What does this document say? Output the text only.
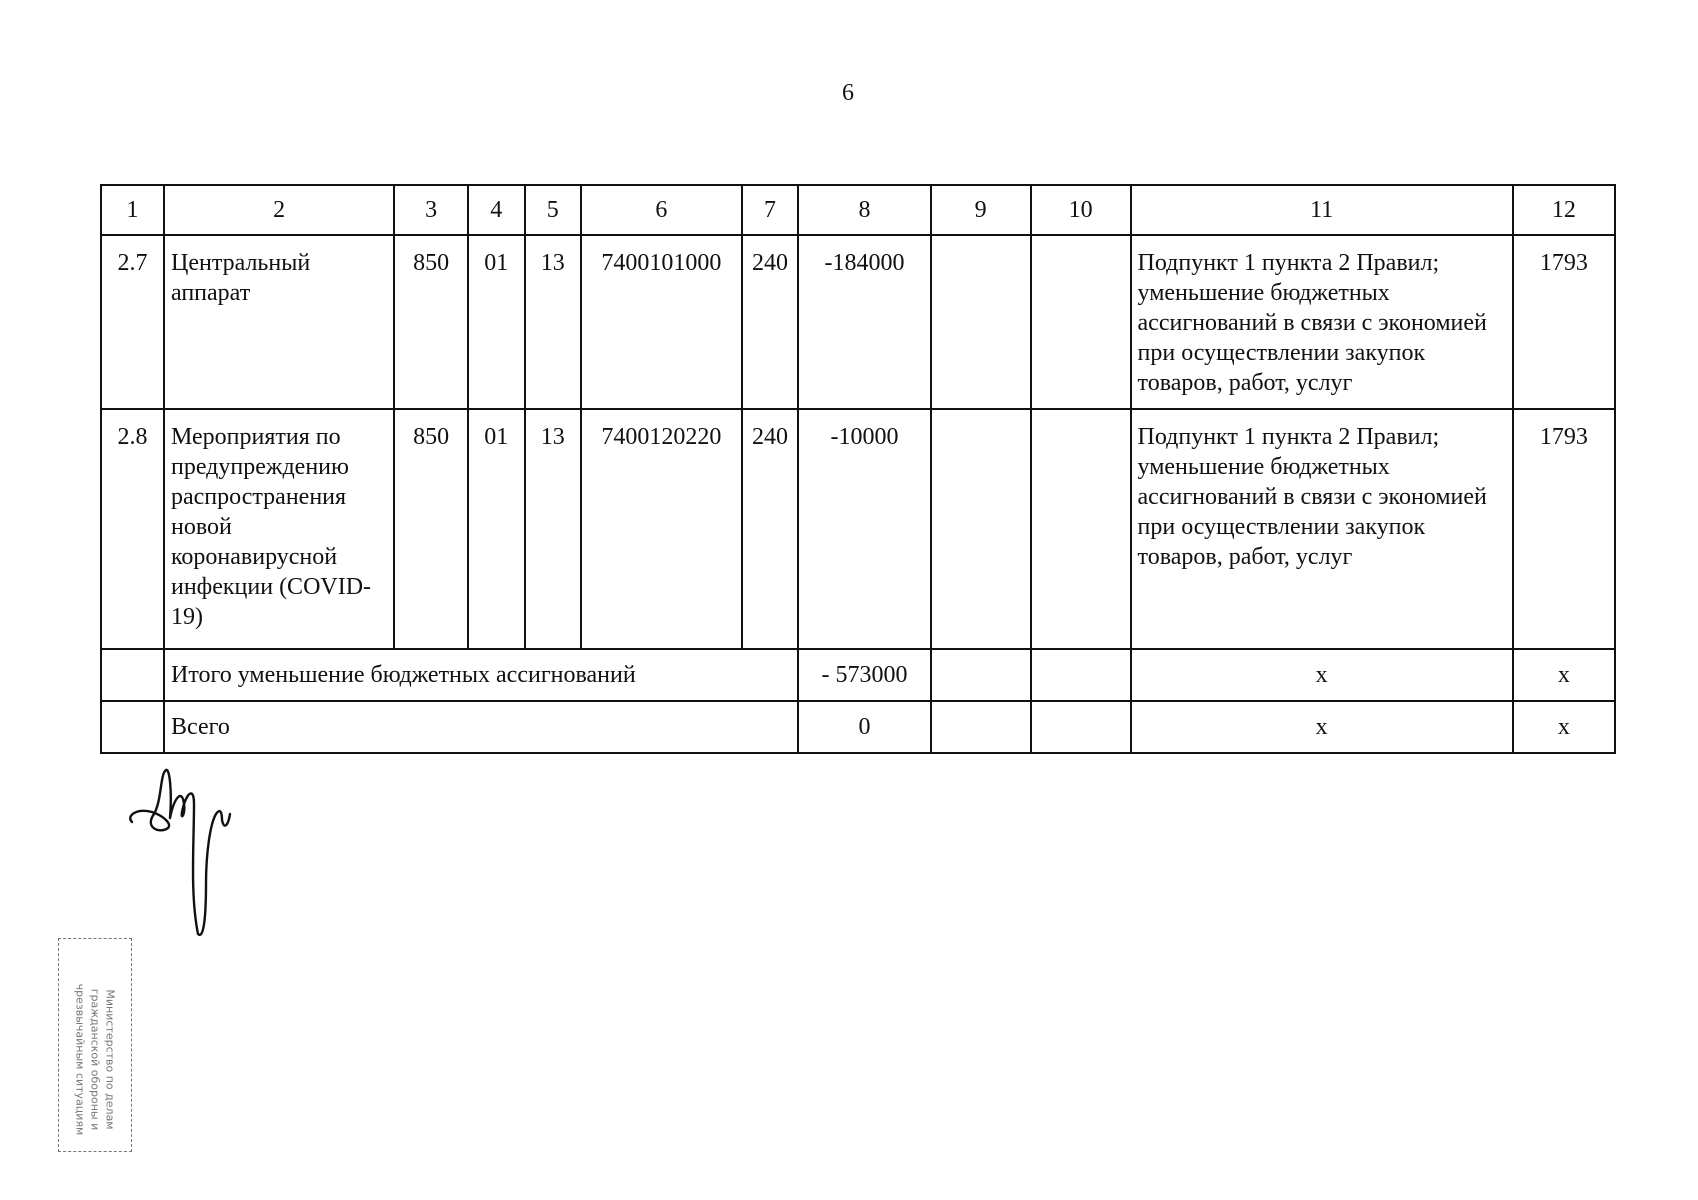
6
1	2	3	4	5	6	7	8	9	10	11	12
2.7	Центральный аппарат	850	01	13	7400101000	240	-184000			Подпункт 1 пункта 2 Правил; уменьшение бюджетных ассигнований в связи с экономией при осуществлении закупок товаров, работ, услуг	1793
2.8	Мероприятия по предупреждению распространения новой коронавирусной инфекции (COVID-19)	850	01	13	7400120220	240	-10000			Подпункт 1 пункта 2 Правил; уменьшение бюджетных ассигнований в связи с экономией при осуществлении закупок товаров, работ, услуг	1793
	Итого уменьшение бюджетных ассигнований						- 573000			x	x
	Всего						0			x	x
Министерство по делам гражданской обороны и чрезвычайным ситуациям
